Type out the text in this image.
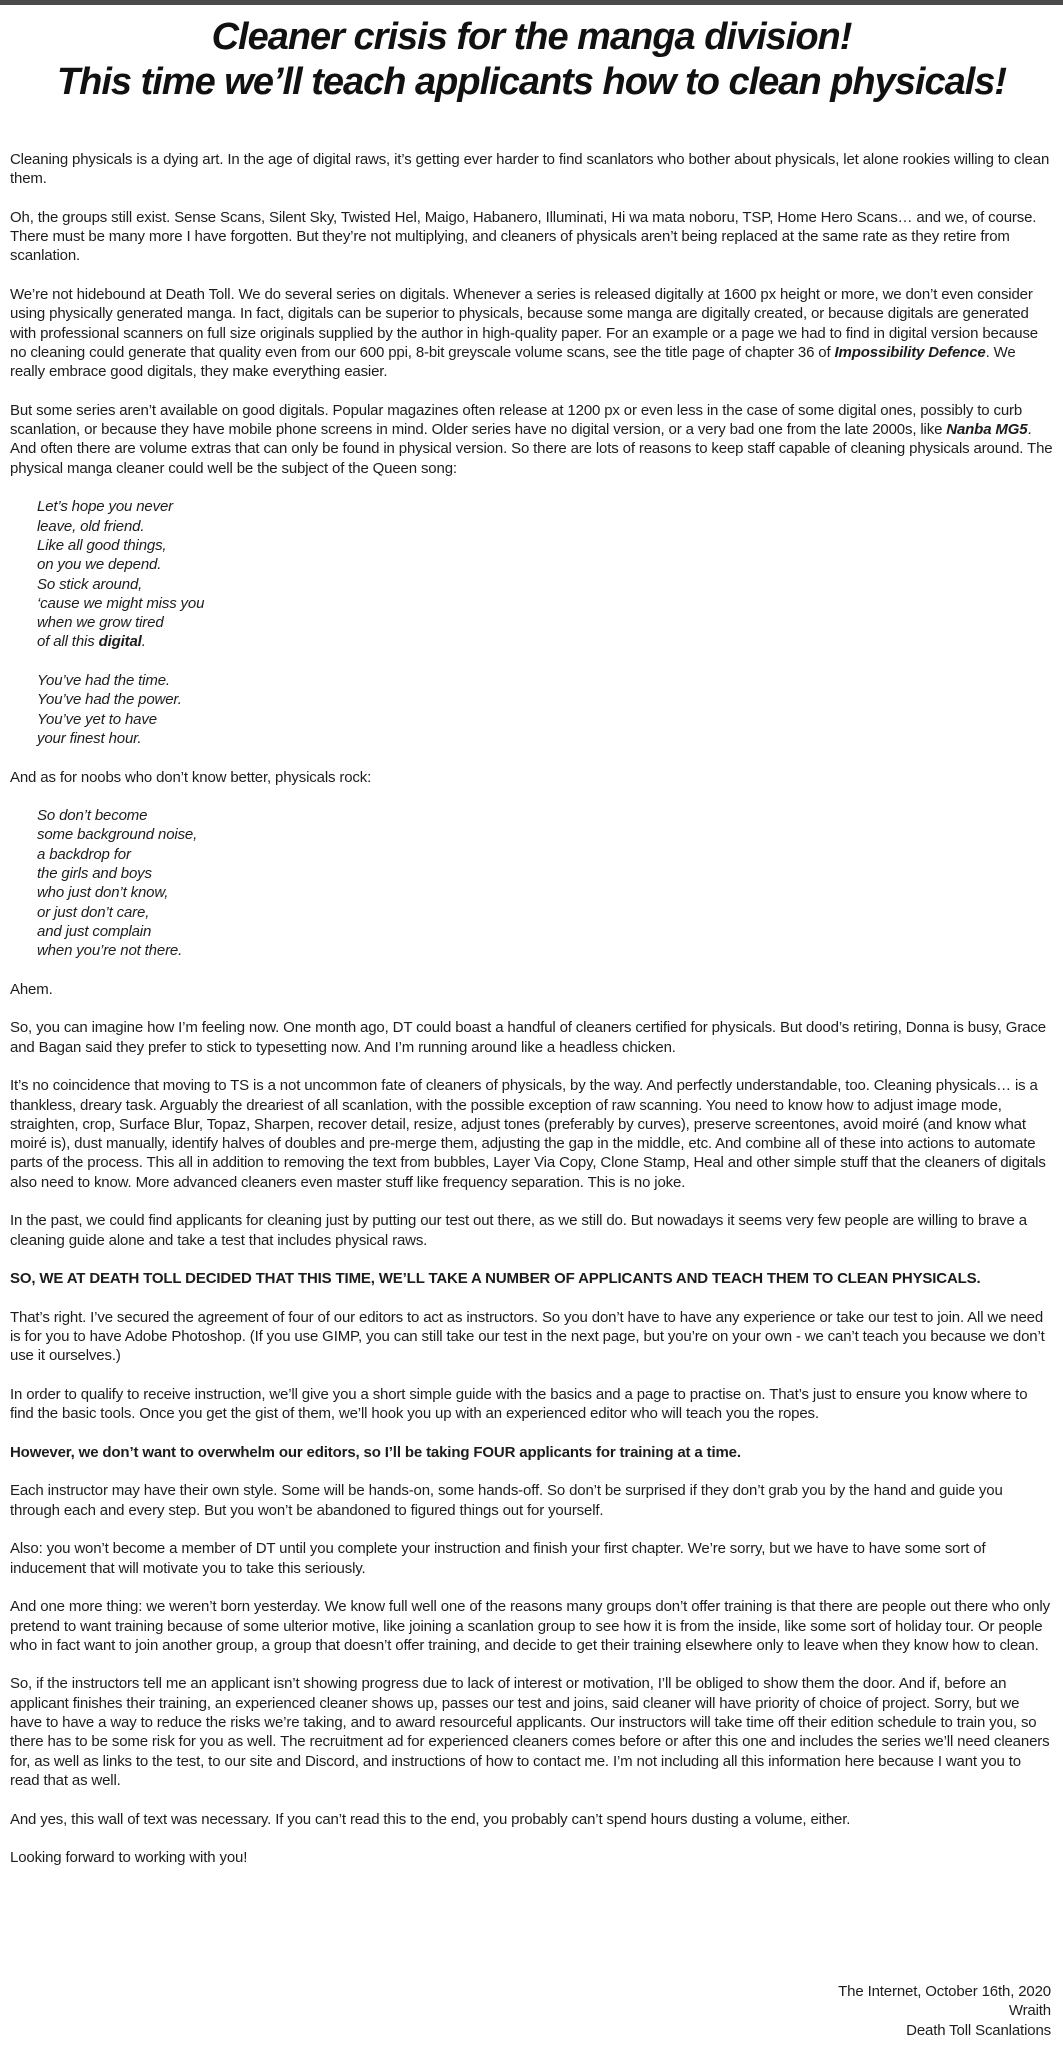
Cleaner crisis for the manga division!
This time we’ll teach applicants how to clean physicals!

Cleaning physicals is a dying art. In the age of digital raws, it’s getting ever harder to find scanlators who bother about physicals, let alone rookies willing to clean them.

Oh, the groups still exist. Sense Scans, Silent Sky, Twisted Hel, Maigo, Habanero, Illuminati, Hi wa mata noboru, TSP, Home Hero Scans… and we, of course. There must be many more I have forgotten. But they’re not multiplying, and cleaners of physicals aren’t being replaced at the same rate as they retire from scanlation.

We’re not hidebound at Death Toll. We do several series on digitals. Whenever a series is released digitally at 1600 px height or more, we don’t even consider using physically generated manga. In fact, digitals can be superior to physicals, because some manga are digitally created, or because digitals are generated with professional scanners on full size originals supplied by the author in high-quality paper. For an example or a page we had to find in digital version because no cleaning could generate that quality even from our 600 ppi, 8-bit greyscale volume scans, see the title page of chapter 36 of Impossibility Defence. We really embrace good digitals, they make everything easier.

But some series aren’t available on good digitals. Popular magazines often release at 1200 px or even less in the case of some digital ones, possibly to curb scanlation, or because they have mobile phone screens in mind. Older series have no digital version, or a very bad one from the late 2000s, like Nanba MG5. And often there are volume extras that can only be found in physical version. So there are lots of reasons to keep staff capable of cleaning physicals around. The physical manga cleaner could well be the subject of the Queen song:

Let’s hope you never
leave, old friend.
Like all good things,
on you we depend.
So stick around,
‘cause we might miss you
when we grow tired
of all this digital.
You’ve had the time.
You’ve had the power.
You’ve yet to have
your finest hour.

And as for noobs who don’t know better, physicals rock:

So don’t become
some background noise,
a backdrop for
the girls and boys
who just don’t know,
or just don’t care,
and just complain
when you’re not there.

Ahem.

So, you can imagine how I’m feeling now. One month ago, DT could boast a handful of cleaners certified for physicals. But dood’s retiring, Donna is busy, Grace and Bagan said they prefer to stick to typesetting now. And I’m running around like a headless chicken.

It’s no coincidence that moving to TS is a not uncommon fate of cleaners of physicals, by the way. And perfectly understandable, too. Cleaning physicals… is a thankless, dreary task. Arguably the dreariest of all scanlation, with the possible exception of raw scanning. You need to know how to adjust image mode, straighten, crop, Surface Blur, Topaz, Sharpen, recover detail, resize, adjust tones (preferably by curves), preserve screentones, avoid moiré (and know what moiré is), dust manually, identify halves of doubles and pre-merge them, adjusting the gap in the middle, etc. And combine all of these into actions to automate parts of the process. This all in addition to removing the text from bubbles, Layer Via Copy, Clone Stamp, Heal and other simple stuff that the cleaners of digitals also need to know. More advanced cleaners even master stuff like frequency separation. This is no joke.

In the past, we could find applicants for cleaning just by putting our test out there, as we still do. But nowadays it seems very few people are willing to brave a cleaning guide alone and take a test that includes physical raws.

SO, WE AT DEATH TOLL DECIDED THAT THIS TIME, WE’LL TAKE A NUMBER OF APPLICANTS AND TEACH THEM TO CLEAN PHYSICALS.

That’s right. I’ve secured the agreement of four of our editors to act as instructors. So you don’t have to have any experience or take our test to join. All we need is for you to have Adobe Photoshop. (If you use GIMP, you can still take our test in the next page, but you’re on your own - we can’t teach you because we don’t use it ourselves.)

In order to qualify to receive instruction, we’ll give you a short simple guide with the basics and a page to practise on. That’s just to ensure you know where to find the basic tools. Once you get the gist of them, we’ll hook you up with an experienced editor who will teach you the ropes.

However, we don’t want to overwhelm our editors, so I’ll be taking FOUR applicants for training at a time.

Each instructor may have their own style. Some will be hands-on, some hands-off. So don’t be surprised if they don’t grab you by the hand and guide you through each and every step. But you won’t be abandoned to figured things out for yourself.

Also: you won’t become a member of DT until you complete your instruction and finish your first chapter. We’re sorry, but we have to have some sort of inducement that will motivate you to take this seriously.

And one more thing: we weren’t born yesterday. We know full well one of the reasons many groups don’t offer training is that there are people out there who only pretend to want training because of some ulterior motive, like joining a scanlation group to see how it is from the inside, like some sort of holiday tour. Or people who in fact want to join another group, a group that doesn’t offer training, and decide to get their training elsewhere only to leave when they know how to clean.

So, if the instructors tell me an applicant isn’t showing progress due to lack of interest or motivation, I’ll be obliged to show them the door. And if, before an applicant finishes their training, an experienced cleaner shows up, passes our test and joins, said cleaner will have priority of choice of project. Sorry, but we have to have a way to reduce the risks we’re taking, and to award resourceful applicants. Our instructors will take time off their edition schedule to train you, so there has to be some risk for you as well. The recruitment ad for experienced cleaners comes before or after this one and includes the series we’ll need cleaners for, as well as links to the test, to our site and Discord, and instructions of how to contact me. I’m not including all this information here because I want you to read that as well.

And yes, this wall of text was necessary. If you can’t read this to the end, you probably can’t spend hours dusting a volume, either.

Looking forward to working with you!

The Internet, October 16th, 2020
Wraith
Death Toll Scanlations
